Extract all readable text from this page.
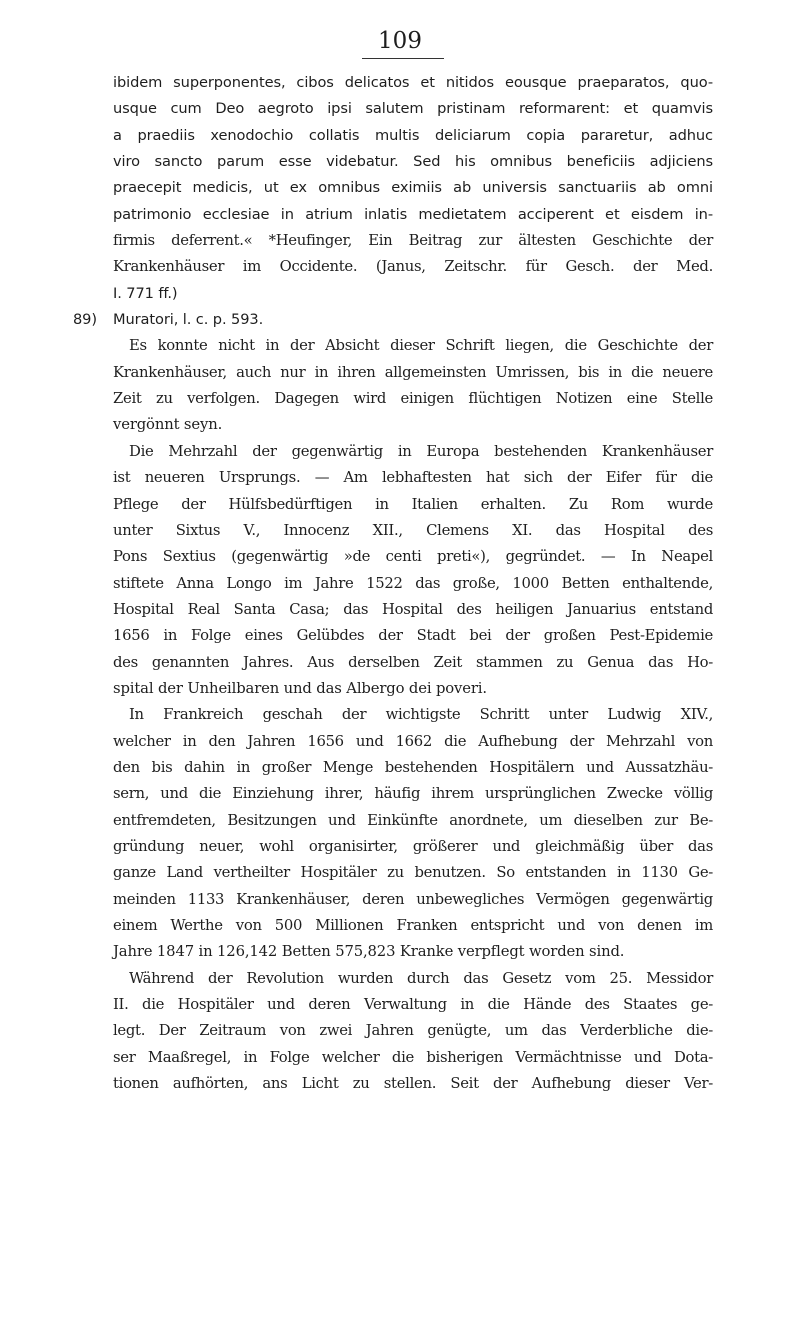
109
ibidem superponentes, cibos delicatos et nitidos eousque praeparatos, quo-
usque cum Deo aegroto ipsi salutem pristinam reformarent: et quamvis
a praediis xenodochio collatis multis deliciarum copia pararetur, adhuc
viro sancto parum esse videbatur. Sed his omnibus beneficiis adjiciens
praecepit medicis, ut ex omnibus eximiis ab universis sanctuariis ab omni
patrimonio ecclesiae in atrium inlatis medietatem acciperent et eisdem in-
firmis deferrent.« *Heufinger, Ein Beitrag zur ältesten Geschichte der
Krankenhäuser im Occidente. (Janus, Zeitschr. für Gesch. der Med.
I. 771 ff.)
89) Muratori, l. c. p. 593.
Es konnte nicht in der Absicht dieser Schrift liegen, die Geschichte der
Krankenhäuser, auch nur in ihren allgemeinsten Umrissen, bis in die neuere
Zeit zu verfolgen. Dagegen wird einigen flüchtigen Notizen eine Stelle
vergönnt seyn.
Die Mehrzahl der gegenwärtig in Europa bestehenden Krankenhäuser
ist neueren Ursprungs. — Am lebhaftesten hat sich der Eifer für die
Pflege der Hülfsbedürftigen in Italien erhalten. Zu Rom wurde
unter Sixtus V., Innocenz XII., Clemens XI. das Hospital des
Pons Sextius (gegenwärtig »de centi preti«), gegründet. — In Neapel
stiftete Anna Longo im Jahre 1522 das große, 1000 Betten enthaltende,
Hospital Real Santa Casa; das Hospital des heiligen Januarius entstand
1656 in Folge eines Gelübdes der Stadt bei der großen Pest-Epidemie
des genannten Jahres. Aus derselben Zeit stammen zu Genua das Ho-
spital der Unheilbaren und das Albergo dei poveri.
In Frankreich geschah der wichtigste Schritt unter Ludwig XIV.,
welcher in den Jahren 1656 und 1662 die Aufhebung der Mehrzahl von
den bis dahin in großer Menge bestehenden Hospitälern und Aussatzhäu-
sern, und die Einziehung ihrer, häufig ihrem ursprünglichen Zwecke völlig
entfremdeten, Besitzungen und Einkünfte anordnete, um dieselben zur Be-
gründung neuer, wohl organisirter, größerer und gleichmäßig über das
ganze Land vertheilter Hospitäler zu benutzen. So entstanden in 1130 Ge-
meinden 1133 Krankenhäuser, deren unbewegliches Vermögen gegenwärtig
einem Werthe von 500 Millionen Franken entspricht und von denen im
Jahre 1847 in 126,142 Betten 575,823 Kranke verpflegt worden sind.
Während der Revolution wurden durch das Gesetz vom 25. Messidor
II. die Hospitäler und deren Verwaltung in die Hände des Staates ge-
legt. Der Zeitraum von zwei Jahren genügte, um das Verderbliche die-
ser Maaßregel, in Folge welcher die bisherigen Vermächtnisse und Dota-
tionen aufhörten, ans Licht zu stellen. Seit der Aufhebung dieser Ver-
